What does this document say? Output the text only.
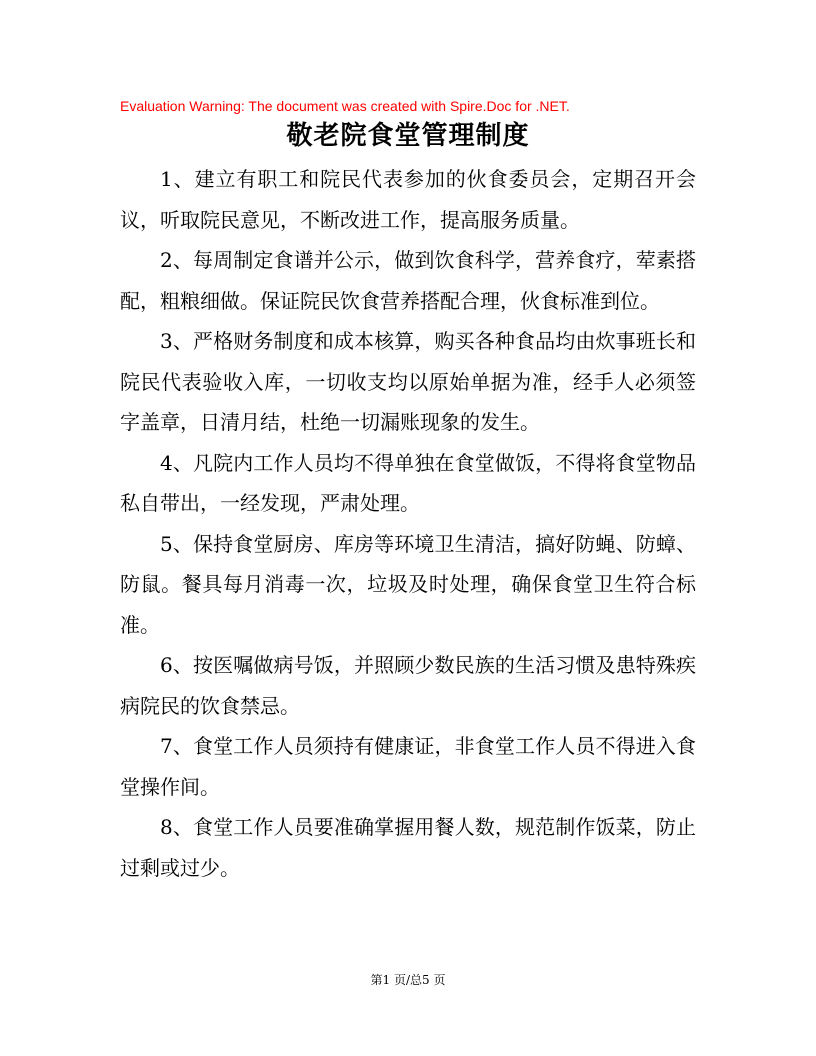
Evaluation Warning: The document was created with Spire.Doc for .NET.
敬老院食堂管理制度

1、建立有职工和院民代表参加的伙食委员会，定期召开会议，听取院民意见，不断改进工作，提高服务质量。

2、每周制定食谱并公示，做到饮食科学，营养食疗，荤素搭配，粗粮细做。保证院民饮食营养搭配合理，伙食标准到位。

3、严格财务制度和成本核算，购买各种食品均由炊事班长和院民代表验收入库，一切收支均以原始单据为准，经手人必须签字盖章，日清月结，杜绝一切漏账现象的发生。

4、凡院内工作人员均不得单独在食堂做饭，不得将食堂物品私自带出，一经发现，严肃处理。

5、保持食堂厨房、库房等环境卫生清洁，搞好防蝇、防蟑、防鼠。餐具每月消毒一次，垃圾及时处理，确保食堂卫生符合标准。

6、按医嘱做病号饭，并照顾少数民族的生活习惯及患特殊疾病院民的饮食禁忌。

7、食堂工作人员须持有健康证，非食堂工作人员不得进入食堂操作间。

8、食堂工作人员要准确掌握用餐人数，规范制作饭菜，防止过剩或过少。

第1 页/总5 页
